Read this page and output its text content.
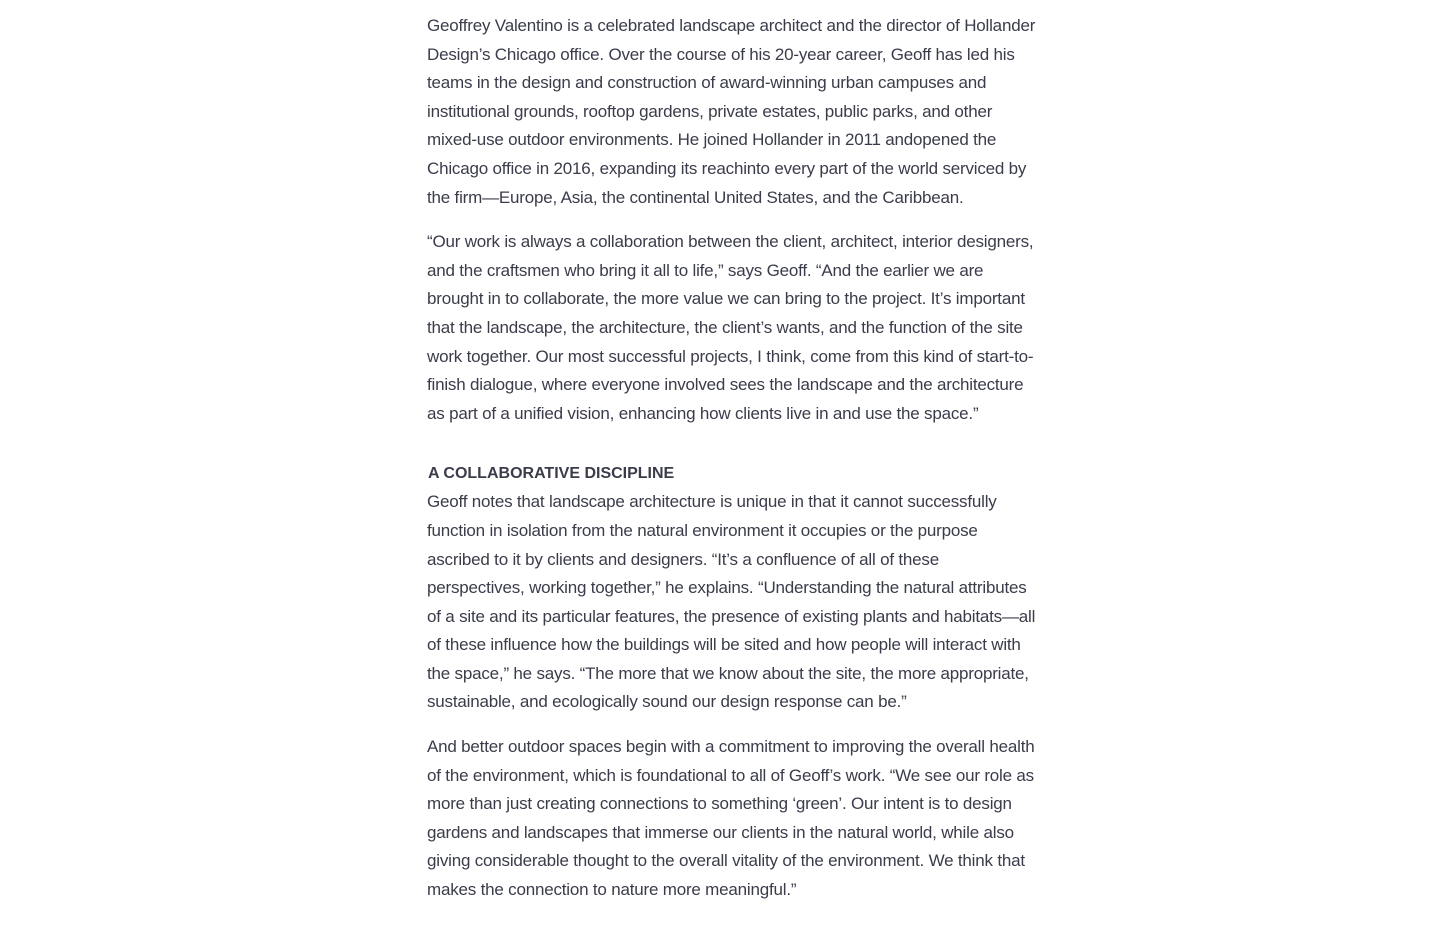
Geoffrey Valentino is a celebrated landscape architect and the director of Hollander Design’s Chicago office. Over the course of his 20-year career, Geoff has led his teams in the design and construction of award-winning urban campuses and institutional grounds, rooftop gardens, private estates, public parks, and other mixed-use outdoor environments. He joined Hollander in 2011 andopened the Chicago office in 2016, expanding its reachinto every part of the world serviced by the firm—Europe, Asia, the continental United States, and the Caribbean.

“Our work is always a collaboration between the client, architect, interior designers, and the craftsmen who bring it all to life,” says Geoff. “And the earlier we are brought in to collaborate, the more value we can bring to the project. It’s important that the landscape, the architecture, the client’s wants, and the function of the site work together. Our most successful projects, I think, come from this kind of start-to-finish dialogue, where everyone involved sees the landscape and the architecture as part of a unified vision, enhancing how clients live in and use the space.”

A COLLABORATIVE DISCIPLINE

Geoff notes that landscape architecture is unique in that it cannot successfully function in isolation from the natural environment it occupies or the purpose ascribed to it by clients and designers. “It’s a confluence of all of these perspectives, working together,” he explains. “Understanding the natural attributes of a site and its particular features, the presence of existing plants and habitats—all of these influence how the buildings will be sited and how people will interact with the space,” he says. “The more that we know about the site, the more appropriate, sustainable, and ecologically sound our design response can be.”

And better outdoor spaces begin with a commitment to improving the overall health of the environment, which is foundational to all of Geoff’s work. “We see our role as more than just creating connections to something ‘green’. Our intent is to design gardens and landscapes that immerse our clients in the natural world, while also giving considerable thought to the overall vitality of the environment. We think that makes the connection to nature more meaningful.”
